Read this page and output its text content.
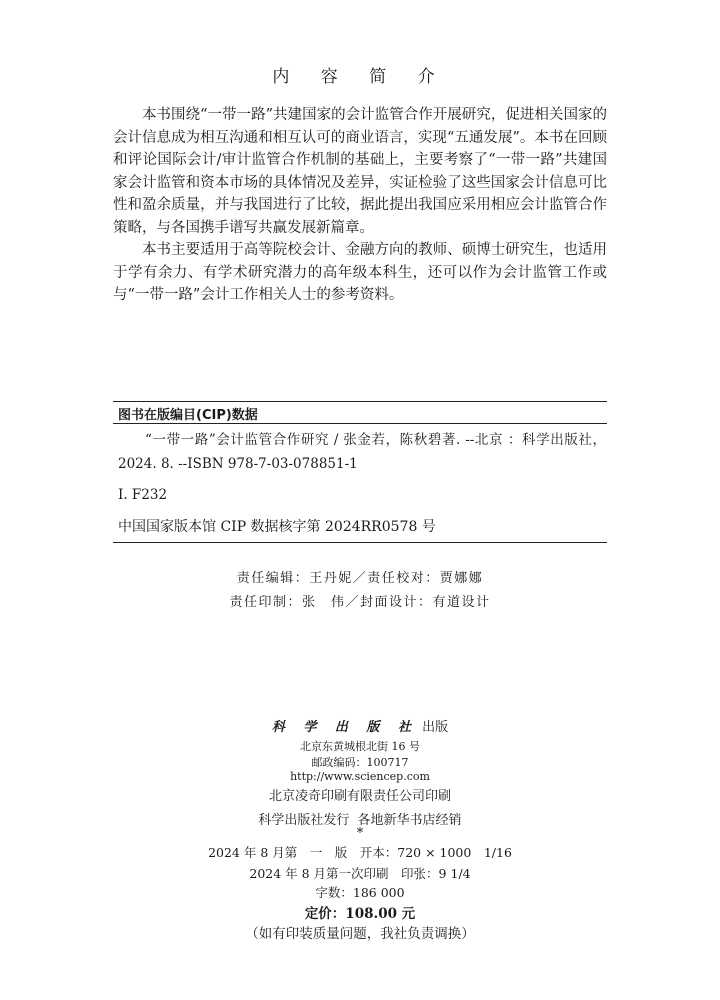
内 容 简 介

本书围绕“一带一路”共建国家的会计监管合作开展研究，促进相关国家的会计信息成为相互沟通和相互认可的商业语言，实现“五通发展”。本书在回顾和评论国际会计/审计监管合作机制的基础上，主要考察了“一带一路”共建国家会计监管和资本市场的具体情况及差异，实证检验了这些国家会计信息可比性和盈余质量，并与我国进行了比较，据此提出我国应采用相应会计监管合作策略，与各国携手谱写共赢发展新篇章。

本书主要适用于高等院校会计、金融方向的教师、硕博士研究生，也适用于学有余力、有学术研究潜力的高年级本科生，还可以作为会计监管工作或与“一带一路”会计工作相关人士的参考资料。

图书在版编目(CIP)数据
“一带一路”会计监管合作研究 / 张金若，陈秋碧著. --北京 ：科学出版社，2024. 8. --ISBN 978-7-03-078851-1
Ⅰ. F232
中国国家版本馆 CIP 数据核字第 2024RR0578 号
责任编辑：王丹妮／责任校对：贾娜娜
责任印制：张　伟／封面设计：有道设计
科 学 出 版 社 出版
北京东黄城根北街 16 号
邮政编码：100717
http://www.sciencep.com
北京凌奇印刷有限责任公司印刷
科学出版社发行 各地新华书店经销
*
2024 年 8 月第　一　版　开本：720 × 1000　1/16
2024 年 8 月第一次印刷　印张：9 1/4
字数：186 000
定价：108.00 元
（如有印装质量问题，我社负责调换）
